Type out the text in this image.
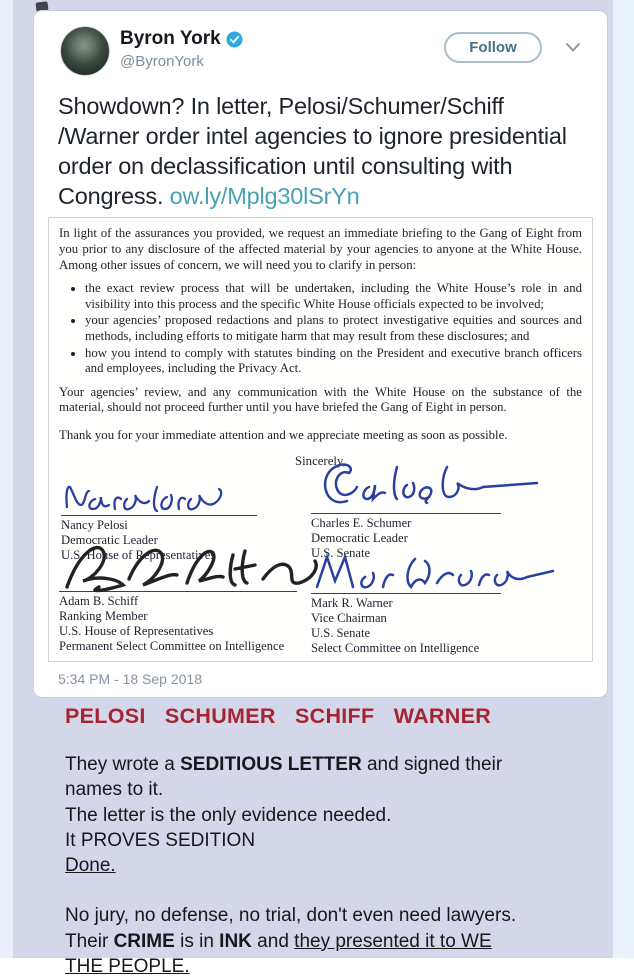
Byron York
@ByronYork
Follow
Showdown? In letter, Pelosi/Schumer/Schiff /Warner order intel agencies to ignore presidential order on declassification until consulting with Congress. ow.ly/Mplg30lSrYn

In light of the assurances you provided, we request an immediate briefing to the Gang of Eight from you prior to any disclosure of the affected material by your agencies to anyone at the White House. Among other issues of concern, we will need you to clarify in person:

• the exact review process that will be undertaken, including the White House’s role in and visibility into this process and the specific White House officials expected to be involved;
• your agencies’ proposed redactions and plans to protect investigative equities and sources and methods, including efforts to mitigate harm that may result from these disclosures; and
• how you intend to comply with statutes binding on the President and executive branch officers and employees, including the Privacy Act.

Your agencies’ review, and any communication with the White House on the substance of the material, should not proceed further until you have briefed the Gang of Eight in person.

Thank you for your immediate attention and we appreciate meeting as soon as possible.

Sincerely,
Nancy Pelosi
Democratic Leader
U.S. House of Representatives
Charles E. Schumer
Democratic Leader
U.S. Senate
Adam B. Schiff
Ranking Member
U.S. House of Representatives
Permanent Select Committee on Intelligence
Mark R. Warner
Vice Chairman
U.S. Senate
Select Committee on Intelligence
5:34 PM - 18 Sep 2018
PELOSI SCHUMER SCHIFF WARNER
They wrote a SEDITIOUS LETTER and signed their
names to it.
The letter is the only evidence needed.
It PROVES SEDITION
Done.
No jury, no defense, no trial, don't even need lawyers.
Their CRIME is in INK and they presented it to WE
THE PEOPLE.
